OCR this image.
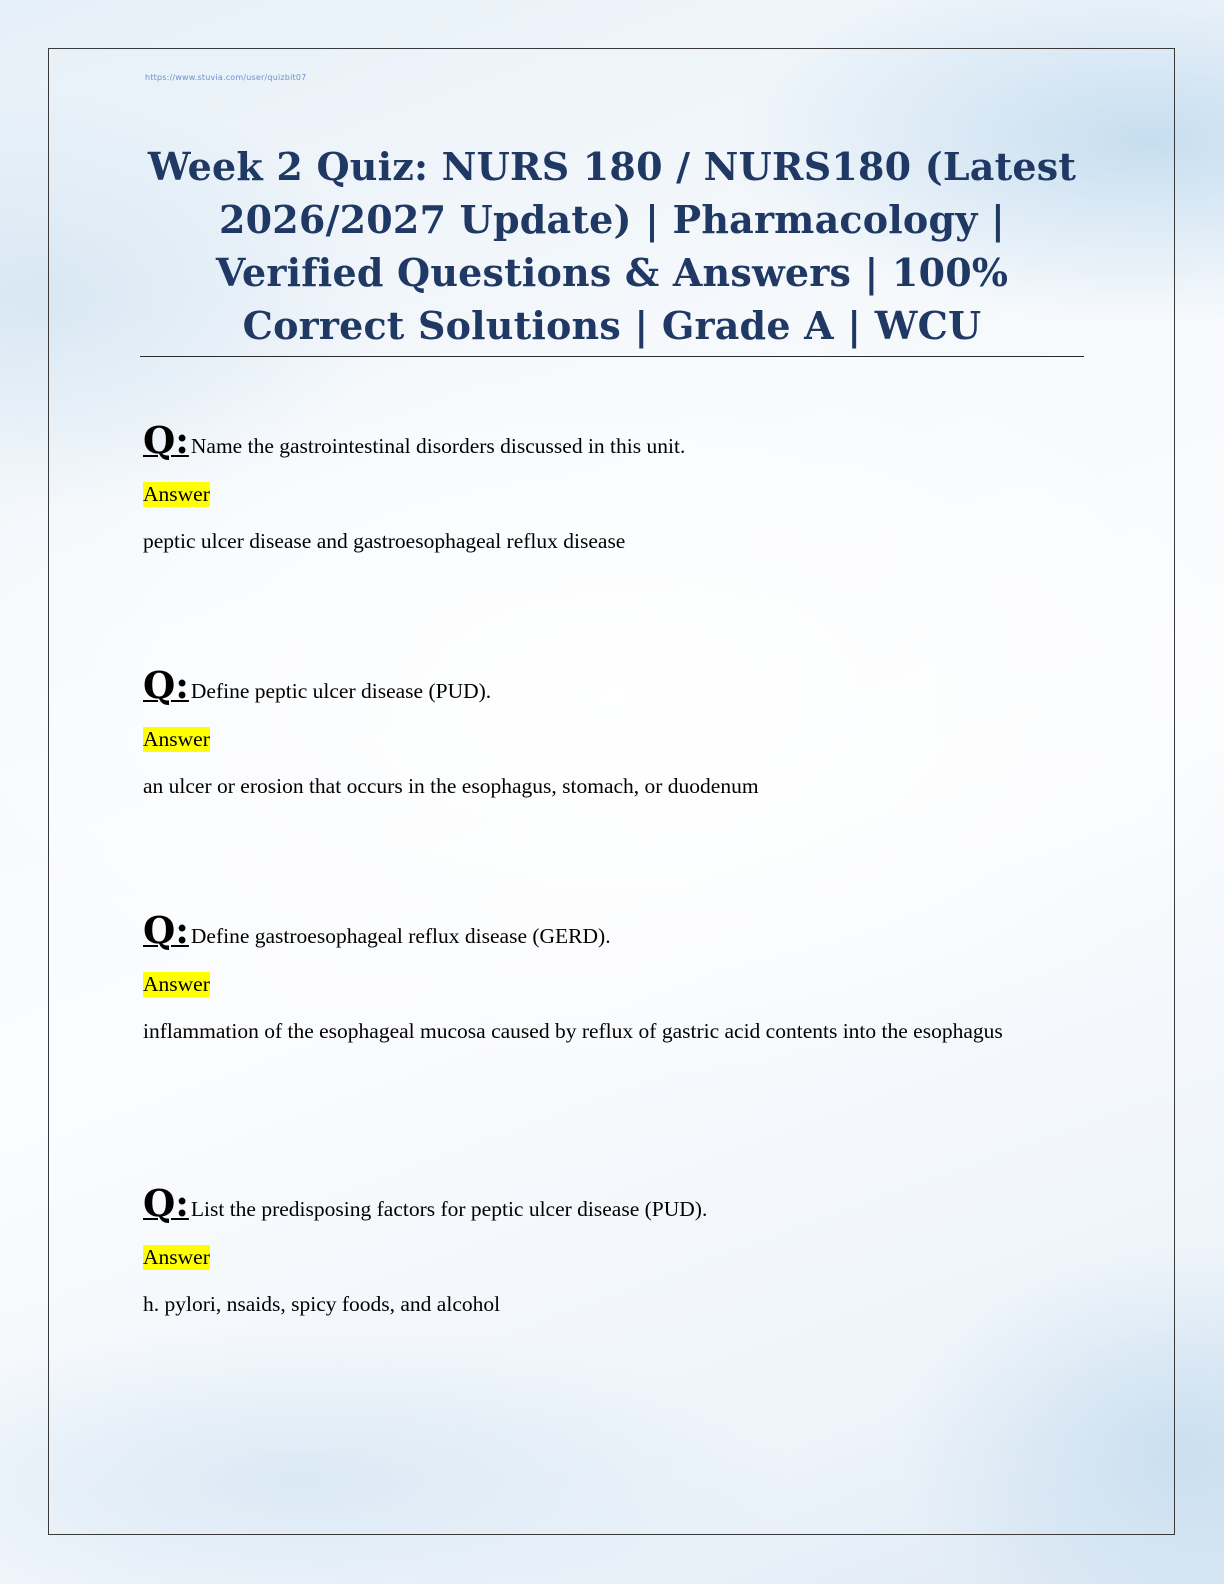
https://www.stuvia.com/user/quizbit07
Week 2 Quiz: NURS 180 / NURS180 (Latest 2026/2027 Update) | Pharmacology | Verified Questions & Answers | 100% Correct Solutions | Grade A | WCU
Q: Name the gastrointestinal disorders discussed in this unit.
Answer
peptic ulcer disease and gastroesophageal reflux disease
Q: Define peptic ulcer disease (PUD).
Answer
an ulcer or erosion that occurs in the esophagus, stomach, or duodenum
Q: Define gastroesophageal reflux disease (GERD).
Answer
inflammation of the esophageal mucosa caused by reflux of gastric acid contents into the esophagus
Q: List the predisposing factors for peptic ulcer disease (PUD).
Answer
h. pylori, nsaids, spicy foods, and alcohol
